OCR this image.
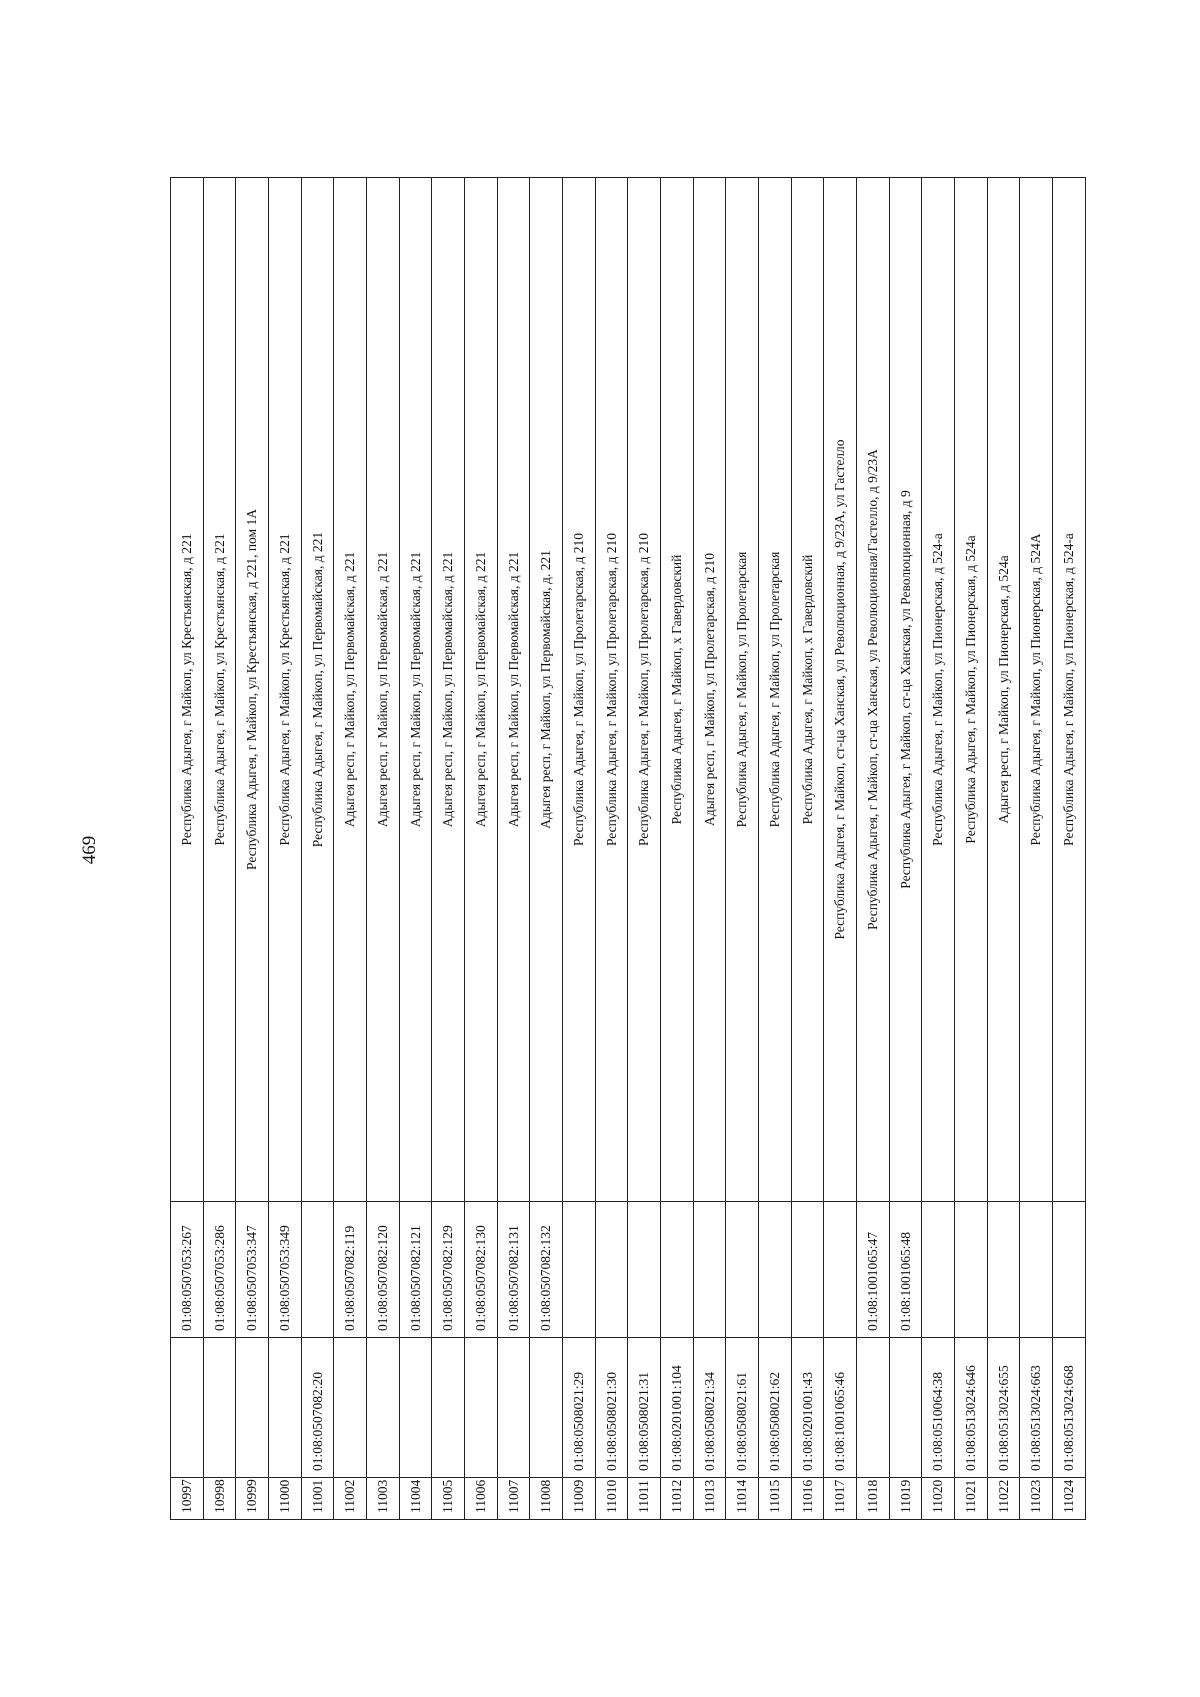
469
10997		01:08:0507053:267	Республика Адыгея, г Майкоп, ул Крестьянская, д 221
10998		01:08:0507053:286	Республика Адыгея, г Майкоп, ул Крестьянская, д 221
10999		01:08:0507053:347	Республика Адыгея, г Майкоп, ул Крестьянская, д 221, пом 1А
11000		01:08:0507053:349	Республика Адыгея, г Майкоп, ул Крестьянская, д 221
11001	01:08:0507082:20		Республика Адыгея, г Майкоп, ул Первомайская, д 221
11002		01:08:0507082:119	Адыгея респ, г Майкоп, ул Первомайская, д 221
11003		01:08:0507082:120	Адыгея респ, г Майкоп, ул Первомайская, д 221
11004		01:08:0507082:121	Адыгея респ, г Майкоп, ул Первомайская, д 221
11005		01:08:0507082:129	Адыгея респ, г Майкоп, ул Первомайская, д 221
11006		01:08:0507082:130	Адыгея респ, г Майкоп, ул Первомайская, д 221
11007		01:08:0507082:131	Адыгея респ, г Майкоп, ул Первомайская, д 221
11008		01:08:0507082:132	Адыгея респ, г Майкоп, ул Первомайская, д. 221
11009	01:08:0508021:29		Республика Адыгея, г Майкоп, ул Пролетарская, д 210
11010	01:08:0508021:30		Республика Адыгея, г Майкоп, ул Пролетарская, д 210
11011	01:08:0508021:31		Республика Адыгея, г Майкоп, ул Пролетарская, д 210
11012	01:08:0201001:104		Республика Адыгея, г Майкоп, х Гавердовский
11013	01:08:0508021:34		Адыгея респ, г Майкоп, ул Пролетарская, д 210
11014	01:08:0508021:61		Республика Адыгея, г Майкоп, ул Пролетарская
11015	01:08:0508021:62		Республика Адыгея, г Майкоп, ул Пролетарская
11016	01:08:0201001:43		Республика Адыгея, г Майкоп, х Гавердовский
11017	01:08:1001065:46		Республика Адыгея, г Майкоп, ст-ца Ханская, ул Революционная, д 9/23А, ул Гастелло
11018		01:08:1001065:47	Республика Адыгея, г Майкоп, ст-ца Ханская, ул Революционная/Гастелло, д 9/23А
11019		01:08:1001065:48	Республика Адыгея, г Майкоп, ст-ца Ханская, ул Революционная, д 9
11020	01:08:0510064:38		Республика Адыгея, г Майкоп, ул Пионерская, д 524-а
11021	01:08:0513024:646		Республика Адыгея, г Майкоп, ул Пионерская, д 524а
11022	01:08:0513024:655		Адыгея респ, г Майкоп, ул Пионерская, д 524а
11023	01:08:0513024:663		Республика Адыгея, г Майкоп, ул Пионерская, д 524А
11024	01:08:0513024:668		Республика Адыгея, г Майкоп, ул Пионерская, д 524-а
